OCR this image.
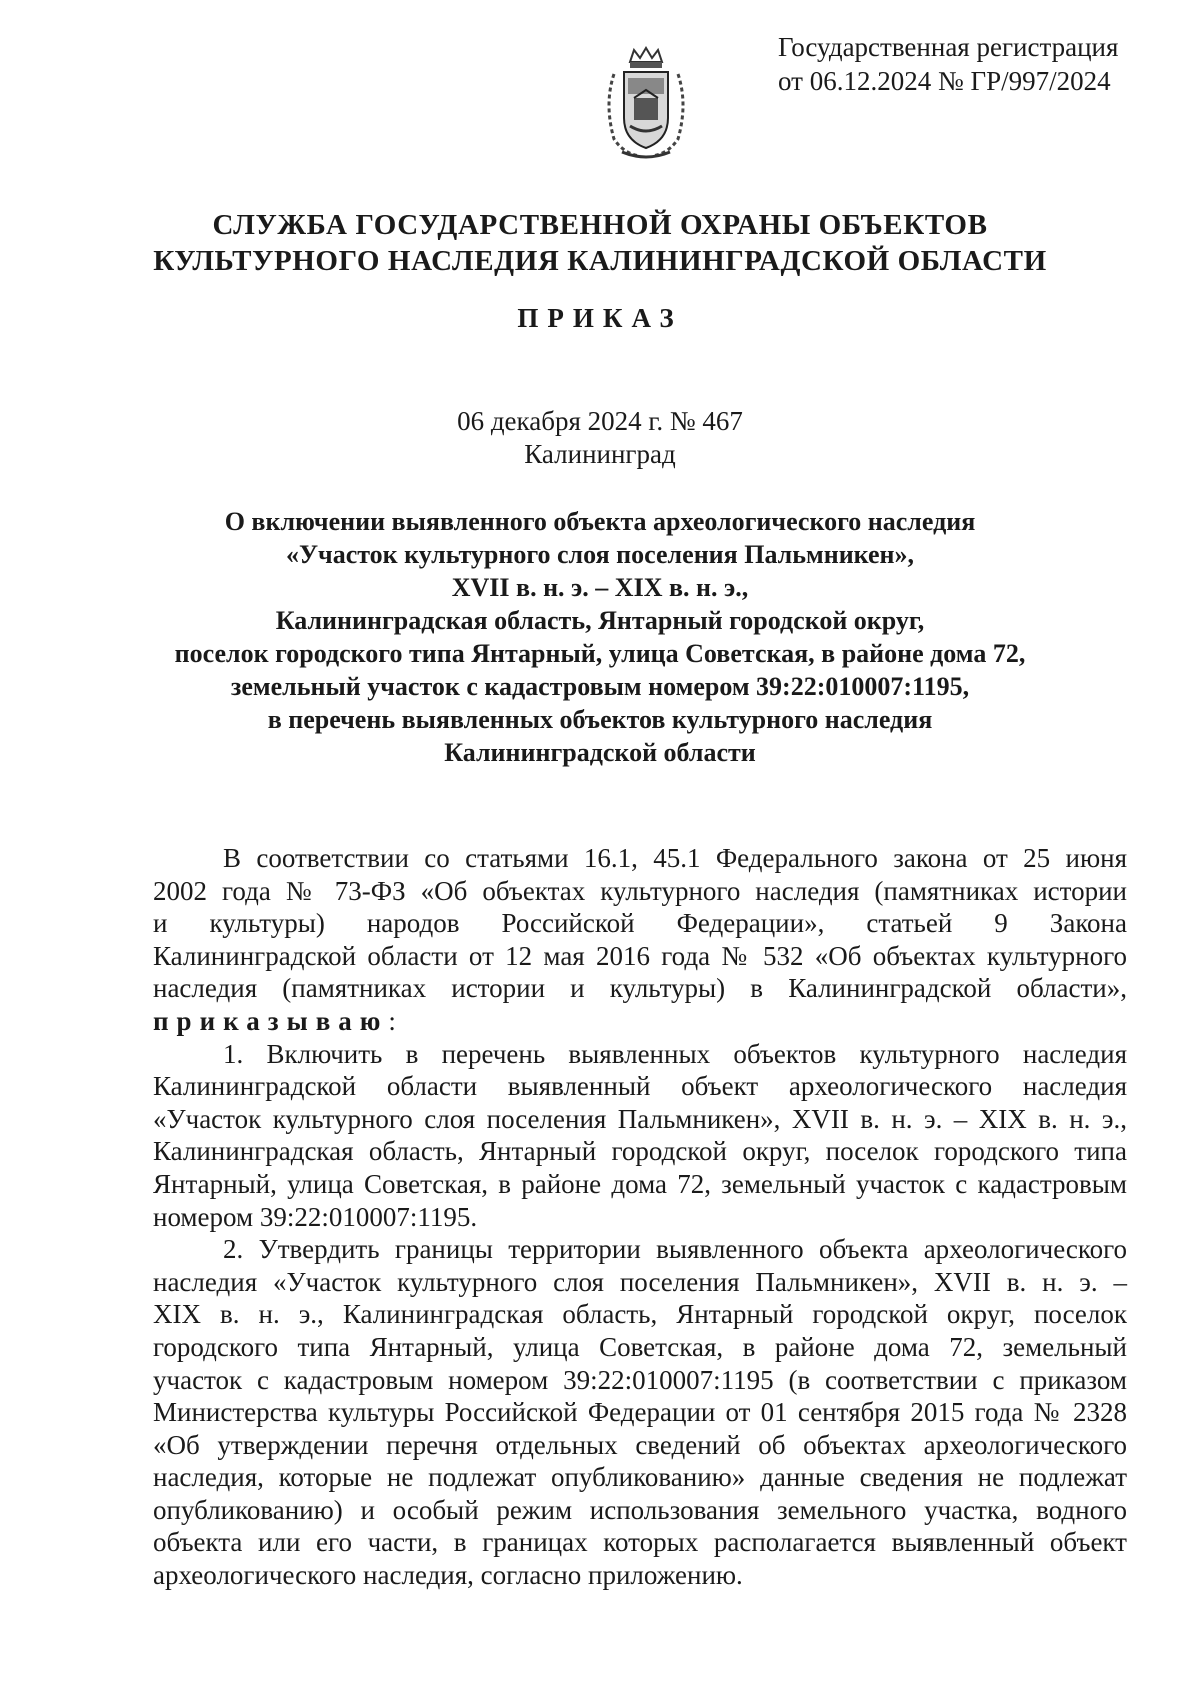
Государственная регистрация
от 06.12.2024 № ГР/997/2024
СЛУЖБА ГОСУДАРСТВЕННОЙ ОХРАНЫ ОБЪЕКТОВ
КУЛЬТУРНОГО НАСЛЕДИЯ КАЛИНИНГРАДСКОЙ ОБЛАСТИ
ПРИКАЗ
06 декабря 2024 г. № 467
Калининград
О включении выявленного объекта археологического наследия
«Участок культурного слоя поселения Пальмникен»,
XVII в. н. э. – XIX в. н. э.,
Калининградская область, Янтарный городской округ,
поселок городского типа Янтарный, улица Советская, в районе дома 72,
земельный участок с кадастровым номером 39:22:010007:1195,
в перечень выявленных объектов культурного наследия
Калининградской области
В соответствии со статьями 16.1, 45.1 Федерального закона от 25 июня
2002 года № 73-ФЗ «Об объектах культурного наследия (памятниках истории
и культуры) народов Российской Федерации», статьей 9 Закона
Калининградской области от 12 мая 2016 года № 532 «Об объектах культурного
наследия (памятниках истории и культуры) в Калининградской области»,
приказываю:
1. Включить в перечень выявленных объектов культурного наследия
Калининградской области выявленный объект археологического наследия
«Участок культурного слоя поселения Пальмникен», XVII в. н. э. – XIX в. н. э.,
Калининградская область, Янтарный городской округ, поселок городского типа
Янтарный, улица Советская, в районе дома 72, земельный участок с кадастровым
номером 39:22:010007:1195.
2. Утвердить границы территории выявленного объекта археологического
наследия «Участок культурного слоя поселения Пальмникен», XVII в. н. э. –
XIX в. н. э., Калининградская область, Янтарный городской округ, поселок
городского типа Янтарный, улица Советская, в районе дома 72, земельный
участок с кадастровым номером 39:22:010007:1195 (в соответствии с приказом
Министерства культуры Российской Федерации от 01 сентября 2015 года № 2328
«Об утверждении перечня отдельных сведений об объектах археологического
наследия, которые не подлежат опубликованию» данные сведения не подлежат
опубликованию) и особый режим использования земельного участка, водного
объекта или его части, в границах которых располагается выявленный объект
археологического наследия, согласно приложению.
